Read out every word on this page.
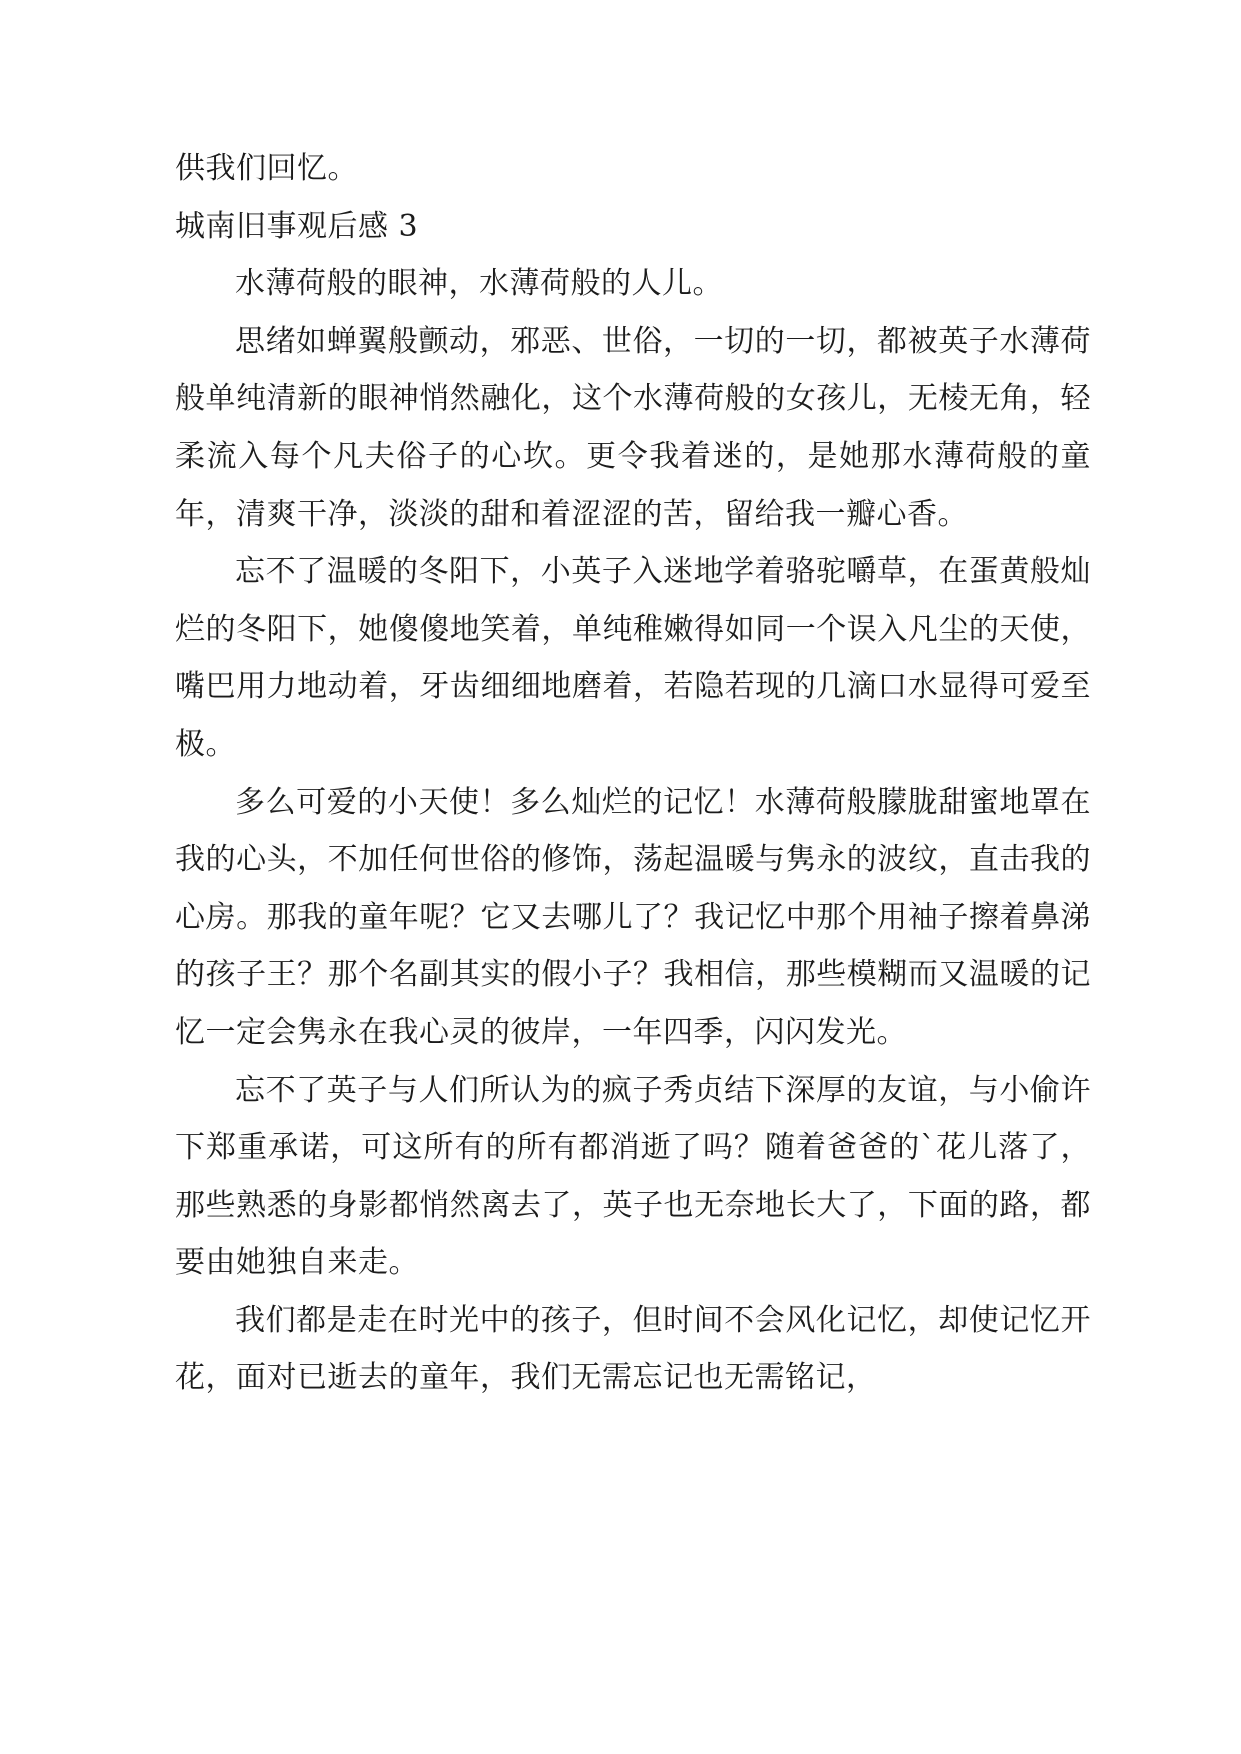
供我们回忆。

城南旧事观后感 3

水薄荷般的眼神，水薄荷般的人儿。

思绪如蝉翼般颤动，邪恶、世俗，一切的一切，都被英子水薄荷般单纯清新的眼神悄然融化，这个水薄荷般的女孩儿，无棱无角，轻柔流入每个凡夫俗子的心坎。更令我着迷的，是她那水薄荷般的童年，清爽干净，淡淡的甜和着涩涩的苦，留给我一瓣心香。

忘不了温暖的冬阳下，小英子入迷地学着骆驼嚼草，在蛋黄般灿烂的冬阳下，她傻傻地笑着，单纯稚嫩得如同一个误入凡尘的天使，嘴巴用力地动着，牙齿细细地磨着，若隐若现的几滴口水显得可爱至极。

多么可爱的小天使！多么灿烂的记忆！水薄荷般朦胧甜蜜地罩在我的心头，不加任何世俗的修饰，荡起温暖与隽永的波纹，直击我的心房。那我的童年呢？它又去哪儿了？我记忆中那个用袖子擦着鼻涕的孩子王？那个名副其实的假小子？我相信，那些模糊而又温暖的记忆一定会隽永在我心灵的彼岸，一年四季，闪闪发光。

忘不了英子与人们所认为的疯子秀贞结下深厚的友谊，与小偷许下郑重承诺，可这所有的所有都消逝了吗？随着爸爸的`花儿落了，那些熟悉的身影都悄然离去了，英子也无奈地长大了，下面的路，都要由她独自来走。

我们都是走在时光中的孩子，但时间不会风化记忆，却使记忆开花，面对已逝去的童年，我们无需忘记也无需铭记，
